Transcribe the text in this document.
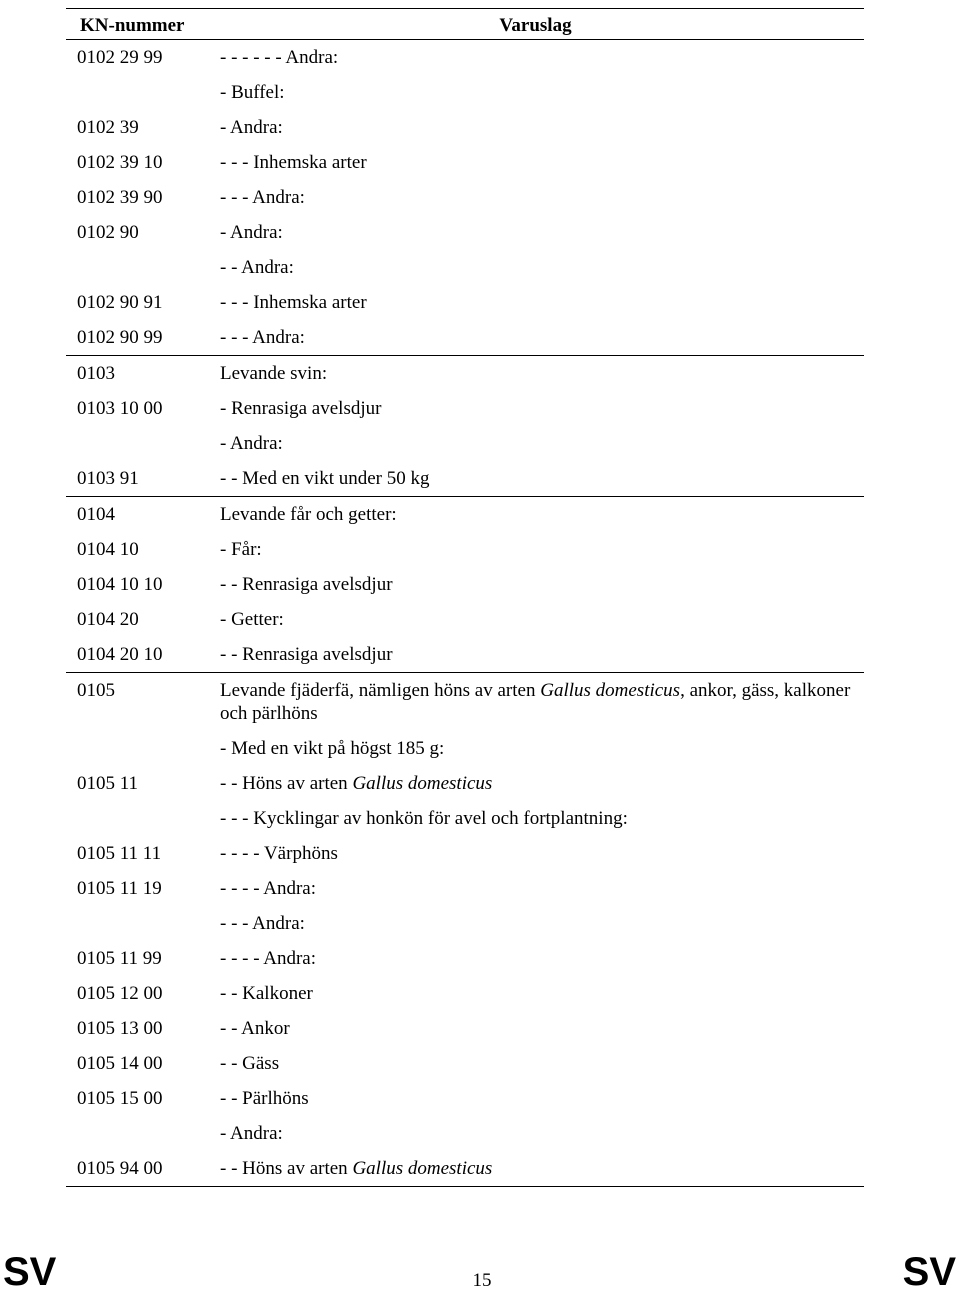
KN-nummer	Varuslag
0102 29 99	- - - - - - Andra:
	- Buffel:
0102 39	- Andra:
0102 39 10	- - - Inhemska arter
0102 39 90	- - - Andra:
0102 90	- Andra:
	- - Andra:
0102 90 91	- - - Inhemska arter
0102 90 99	- - - Andra:
0103	Levande svin:
0103 10 00	- Renrasiga avelsdjur
	- Andra:
0103 91	- - Med en vikt under 50 kg
0104	Levande får och getter:
0104 10	- Får:
0104 10 10	- - Renrasiga avelsdjur
0104 20	- Getter:
0104 20 10	- - Renrasiga avelsdjur
0105	Levande fjäderfä, nämligen höns av arten Gallus domesticus, ankor, gäss, kalkoner och pärlhöns
	- Med en vikt på högst 185 g:
0105 11	- - Höns av arten Gallus domesticus
	- - - Kycklingar av honkön för avel och fortplantning:
0105 11 11	- - - - Värphöns
0105 11 19	- - - - Andra:
	- - - Andra:
0105 11 99	- - - - Andra:
0105 12 00	- - Kalkoner
0105 13 00	- - Ankor
0105 14 00	- - Gäss
0105 15 00	- - Pärlhöns
	- Andra:
0105 94 00	- - Höns av arten Gallus domesticus
SV	15	SV
